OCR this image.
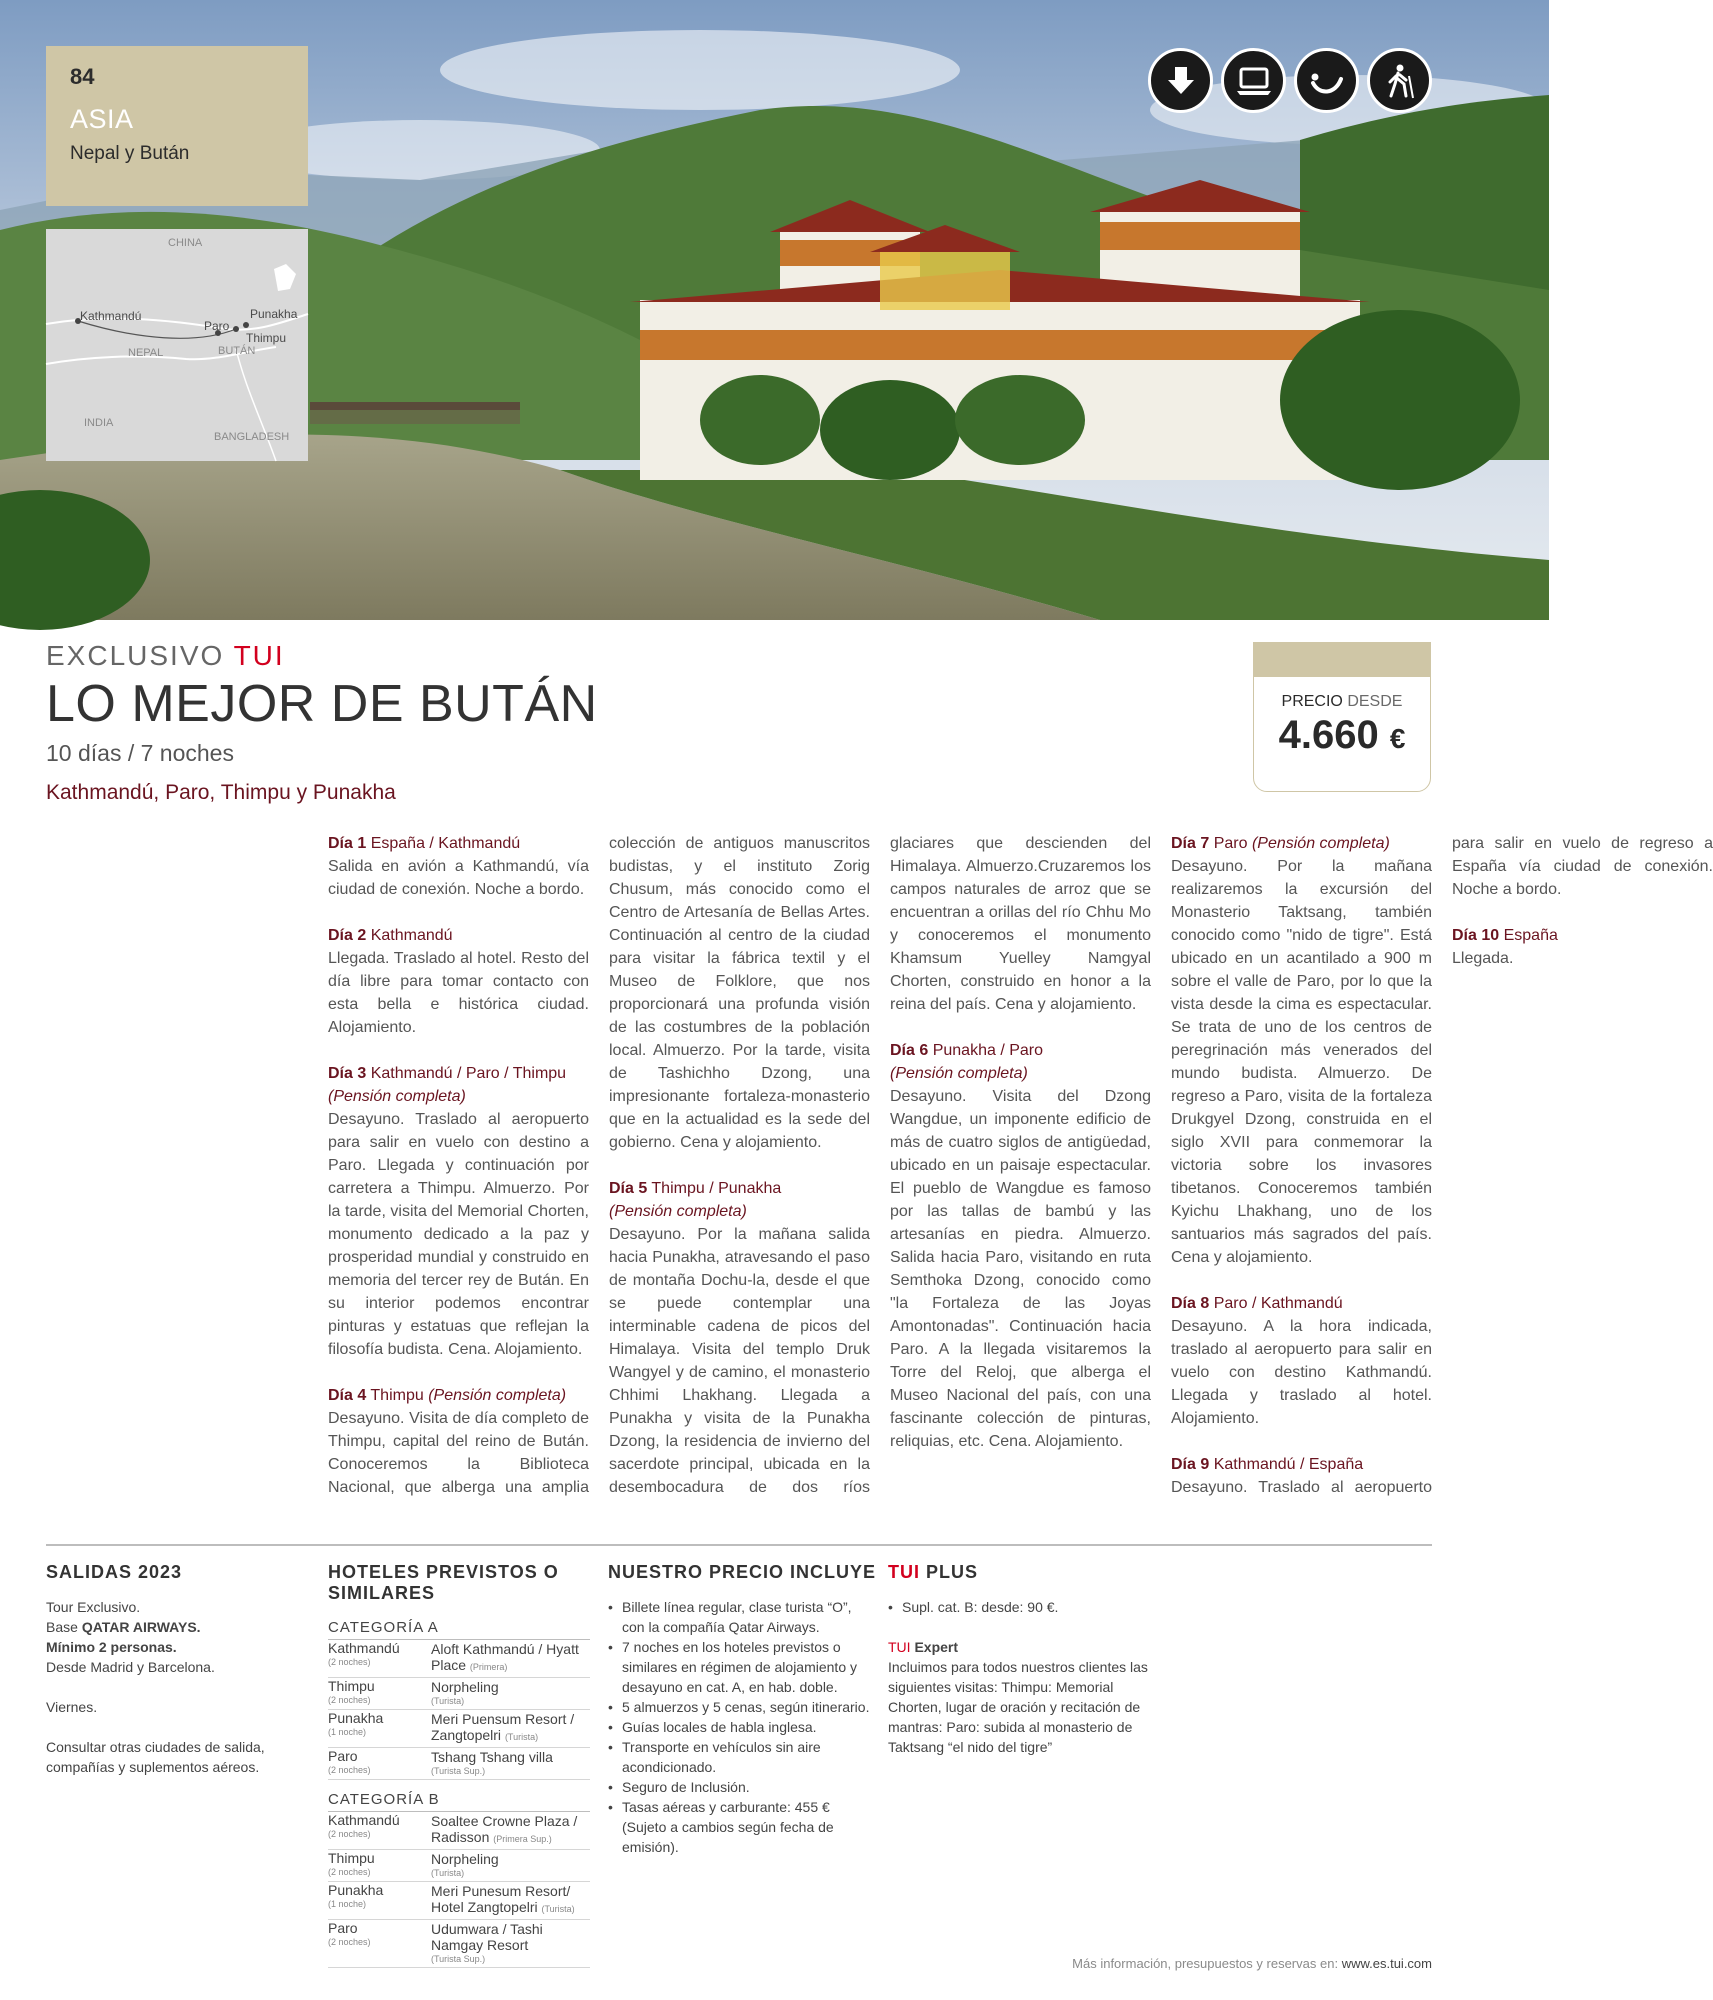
84
ASIA
Nepal y Bután
CHINA
NEPAL	BUTÁN
INDIA
BANGLADESH
Kathmandú
Paro
Punakha
Thimpu
EXCLUSIVO TUI
LO MEJOR DE BUTÁN
10 días / 7 noches
Kathmandú, Paro, Thimpu y Punakha
PRECIO DESDE
4.660 €
Día 1 España / Kathmandú
Salida en avión a Kathmandú, vía ciudad de conexión. Noche a bordo.
Día 2 Kathmandú
Llegada. Traslado al hotel. Resto del día libre para tomar contacto con esta bella e histórica ciudad. Alojamiento.
Día 3 Kathmandú / Paro / Thimpu
(Pensión completa)
Desayuno. Traslado al aeropuerto para salir en vuelo con destino a Paro. Llegada y continuación por carretera a Thimpu. Almuerzo. Por la tarde, visita del Memorial Chorten, monumento dedicado a la paz y prosperidad mundial y construido en memoria del tercer rey de Bután. En su interior podemos encontrar pinturas y estatuas que reflejan la filosofía budista. Cena. Alojamiento.
Día 4 Thimpu (Pensión completa)
Desayuno. Visita de día completo de Thimpu, capital del reino de Bután. Conoceremos la Biblioteca Nacional, que alberga una amplia colección de antiguos manuscritos budistas, y el instituto Zorig Chusum, más conocido como el Centro de Artesanía de Bellas Artes. Continuación al centro de la ciudad para visitar la fábrica textil y el Museo de Folklore, que nos proporcionará una profunda visión de las costumbres de la población local. Almuerzo. Por la tarde, visita de Tashichho Dzong, una impresionante fortaleza-monasterio que en la actualidad es la sede del gobierno. Cena y alojamiento.
Día 5 Thimpu / Punakha
(Pensión completa)
Desayuno. Por la mañana salida hacia Punakha, atravesando el paso de montaña Dochu-la, desde el que se puede contemplar una interminable cadena de picos del Himalaya. Visita del templo Druk Wangyel y de camino, el monasterio Chhimi Lhakhang. Llegada a Punakha y visita de la Punakha Dzong, la residencia de invierno del sacerdote principal, ubicada en la desembocadura de dos ríos glaciares que descienden del Himalaya. Almuerzo.Cruzaremos los campos naturales de arroz que se encuentran a orillas del río Chhu Mo y conoceremos el monumento Khamsum Yuelley Namgyal Chorten, construido en honor a la reina del país. Cena y alojamiento.
Día 6 Punakha / Paro
(Pensión completa)
Desayuno. Visita del Dzong Wangdue, un imponente edificio de más de cuatro siglos de antigüedad, ubicado en un paisaje espectacular. El pueblo de Wangdue es famoso por las tallas de bambú y las artesanías en piedra. Almuerzo. Salida hacia Paro, visitando en ruta Semthoka Dzong, conocido como "la Fortaleza de las Joyas Amontonadas". Continuación hacia Paro. A la llegada visitaremos la Torre del Reloj, que alberga el Museo Nacional del país, con una fascinante colección de pinturas, reliquias, etc. Cena. Alojamiento.
Día 7 Paro (Pensión completa)
Desayuno. Por la mañana realizaremos la excursión del Monasterio Taktsang, también conocido como "nido de tigre". Está ubicado en un acantilado a 900 m sobre el valle de Paro, por lo que la vista desde la cima es espectacular. Se trata de uno de los centros de peregrinación más venerados del mundo budista. Almuerzo. De regreso a Paro, visita de la fortaleza Drukgyel Dzong, construida en el siglo XVII para conmemorar la victoria sobre los invasores tibetanos. Conoceremos también Kyichu Lhakhang, uno de los santuarios más sagrados del país. Cena y alojamiento.
Día 8 Paro / Kathmandú
Desayuno. A la hora indicada, traslado al aeropuerto para salir en vuelo con destino Kathmandú. Llegada y traslado al hotel. Alojamiento.
Día 9 Kathmandú / España
Desayuno. Traslado al aeropuerto para salir en vuelo de regreso a España vía ciudad de conexión. Noche a bordo.
Día 10 España
Llegada.
SALIDAS 2023
Tour Exclusivo.
Base QATAR AIRWAYS.
Mínimo 2 personas.
Desde Madrid y Barcelona.
Viernes.
Consultar otras ciudades de salida, compañías y suplementos aéreos.
HOTELES PREVISTOS O SIMILARES
CATEGORÍA A
Kathmandú
(2 noches)
Aloft Kathmandú / Hyatt Place (Primera)
Thimpu
(2 noches)
Norpheling
(Turista)
Punakha
(1 noche)
Meri Puensum Resort / Zangtopelri (Turista)
Paro
(2 noches)
Tshang Tshang villa
(Turista Sup.)
CATEGORÍA B
Kathmandú
(2 noches)
Soaltee Crowne Plaza / Radisson (Primera Sup.)
Thimpu
(2 noches)
Norpheling
(Turista)
Punakha
(1 noche)
Meri Punesum Resort/ Hotel Zangtopelri (Turista)
Paro
(2 noches)
Udumwara / Tashi Namgay Resort
(Turista Sup.)
NUESTRO PRECIO INCLUYE
• Billete línea regular, clase turista “O”, con la compañía Qatar Airways.
• 7 noches en los hoteles previstos o similares en régimen de alojamiento y desayuno en cat. A, en hab. doble.
• 5 almuerzos y 5 cenas, según itinerario.
• Guías locales de habla inglesa.
• Transporte en vehículos sin aire acondicionado.
• Seguro de Inclusión.
• Tasas aéreas y carburante: 455 € (Sujeto a cambios según fecha de emisión).
TUI PLUS
• Supl. cat. B: desde: 90 €.
TUI Expert
Incluimos para todos nuestros clientes las siguientes visitas: Thimpu: Memorial Chorten, lugar de oración y recitación de mantras: Paro: subida al monasterio de Taktsang “el nido del tigre”
Más información, presupuestos y reservas en: www.es.tui.com
